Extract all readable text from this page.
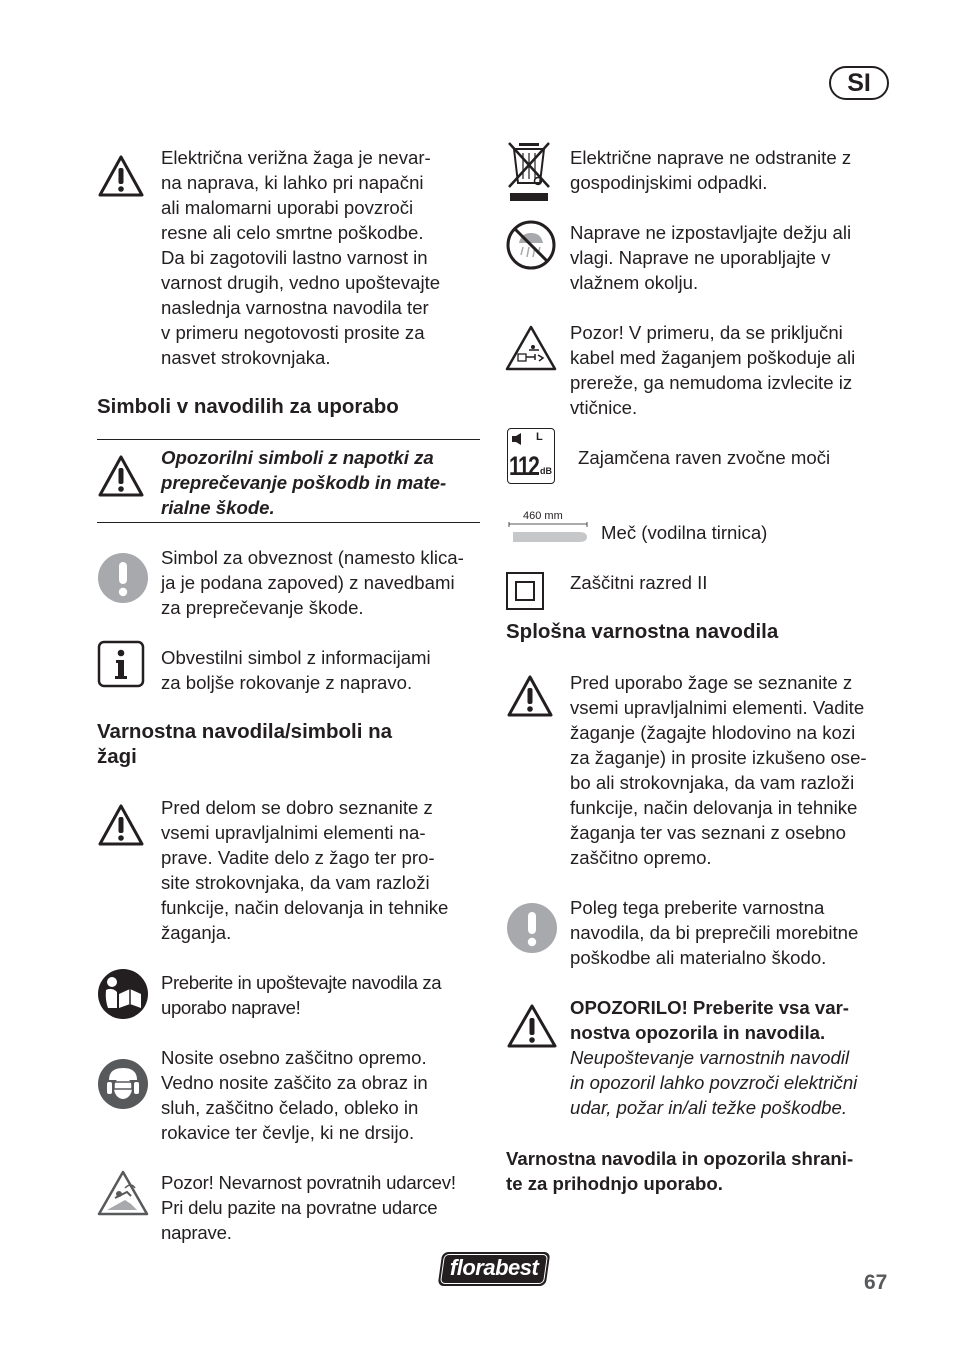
SI
Električna verižna žaga je nevar-
na naprava, ki lahko pri napačni
ali malomarni uporabi povzroči
resne ali celo smrtne poškodbe.
Da bi zagotovili lastno varnost in
varnost drugih, vedno upoštevajte
naslednja varnostna navodila ter
v primeru negotovosti prosite za
nasvet strokovnjaka.
Simboli v navodilih za uporabo
Opozorilni simboli z napotki za
preprečevanje poškodb in mate-
rialne škode.
Simbol za obveznost (namesto klica-
ja je podana zapoved) z navedbami
za preprečevanje škode.
Obvestilni simbol z informacijami
za boljše rokovanje z napravo.
Varnostna navodila/simboli na
žagi
Pred delom se dobro seznanite z
vsemi upravljalnimi elementi na-
prave. Vadite delo z žago ter pro-
site strokovnjaka, da vam razloži
funkcije, način delovanja in tehnike
žaganja.
Preberite in upoštevajte navodila za
uporabo naprave!
Nosite osebno zaščitno opremo.
Vedno nosite zaščito za obraz in
sluh, zaščitno čelado, obleko in
rokavice ter čevlje, ki ne drsijo.
Pozor! Nevarnost povratnih udarcev!
Pri delu pazite na povratne udarce
naprave.
Električne naprave ne odstranite z
gospodinjskimi odpadki.
Naprave ne izpostavljajte dežju ali
vlagi. Naprave ne uporabljajte v
vlažnem okolju.
Pozor! V primeru, da se priključni
kabel med žaganjem poškoduje ali
prereže, ga nemudoma izvlecite iz
vtičnice.
L
112 dB
Zajamčena raven zvočne moči
460 mm
Meč (vodilna tirnica)
Zaščitni razred II
Splošna varnostna navodila
Pred uporabo žage se seznanite z
vsemi upravljalnimi elementi. Vadite
žaganje (žagajte hlodovino na kozi
za žaganje) in prosite izkušeno ose-
bo ali strokovnjaka, da vam razloži
funkcije, način delovanja in tehnike
žaganja ter vas seznani z osebno
zaščitno opremo.
Poleg tega preberite varnostna
navodila, da bi preprečili morebitne
poškodbe ali materialno škodo.
OPOZORILO! Preberite vsa var-
nostva opozorila in navodila.
Neupoštevanje varnostnih navodil
in opozoril lahko povzroči električni
udar, požar in/ali težke poškodbe.
Varnostna navodila in opozorila shrani-
te za prihodnjo uporabo.
florabest
67
